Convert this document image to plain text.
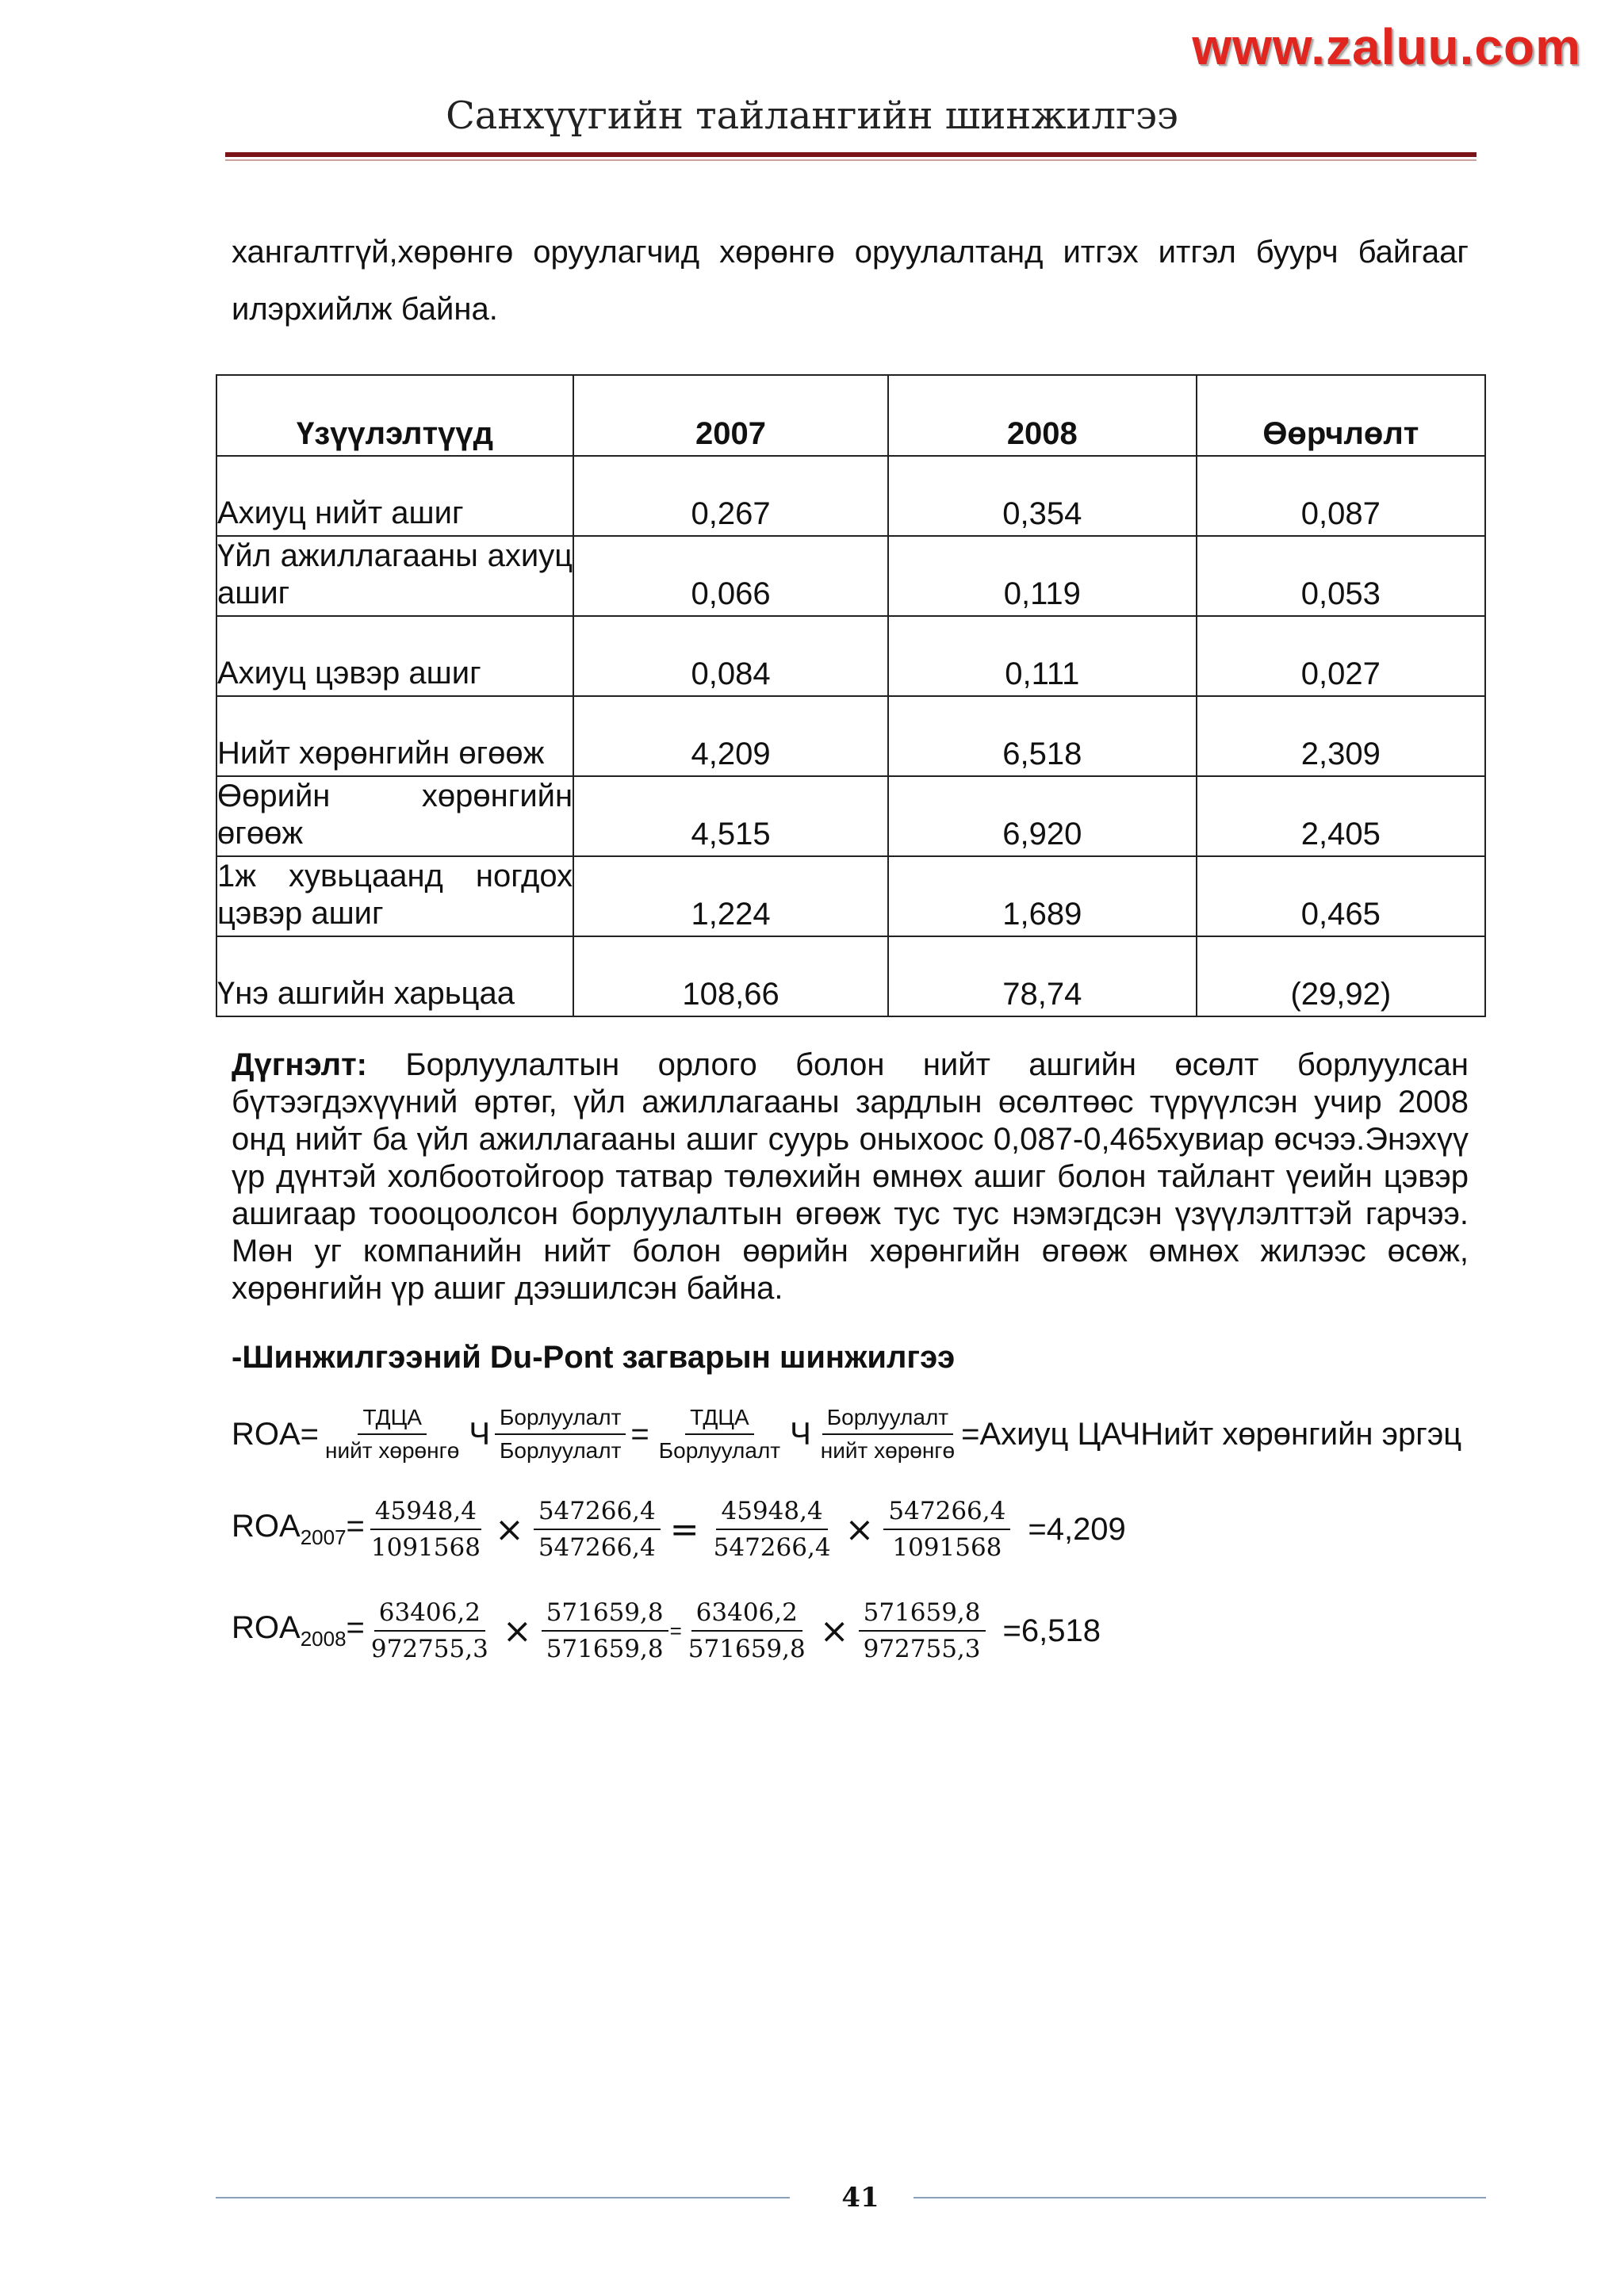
www.zaluu.com
Санхүүгийн тайлангийн шинжилгээ
хангалтгүй,хөрөнгө оруулагчид хөрөнгө оруулалтанд итгэх итгэл буурч байгааг
илэрхийлж байна.
Үзүүлэлтүүд	2007	2008	Өөрчлөлт
Ахиуц нийт ашиг	0,267	0,354	0,087
Үйл ажиллагааны ахиуц ашиг	0,066	0,119	0,053
Ахиуц цэвэр ашиг	0,084	0,111	0,027
Нийт хөрөнгийн өгөөж	4,209	6,518	2,309
Өөрийн хөрөнгийн өгөөж	4,515	6,920	2,405
1ж хувьцаанд ногдох цэвэр ашиг	1,224	1,689	0,465
Үнэ ашгийн харьцаа	108,66	78,74	(29,92)
Дүгнэлт: Борлуулалтын орлого болон нийт ашгийн өсөлт борлуулсан бүтээгдэхүүний өртөг, үйл ажиллагааны зардлын өсөлтөөс түрүүлсэн учир 2008 онд нийт ба үйл ажиллагааны ашиг суурь оныхоос 0,087-0,465хувиар өсчээ.Энэхүү үр дүнтэй холбоотойгоор татвар төлөхийн өмнөх ашиг болон тайлант үеийн цэвэр ашигаар тоооцоолсон борлуулалтын өгөөж тус тус нэмэгдсэн үзүүлэлттэй гарчээ. Мөн уг компанийн нийт болон өөрийн хөрөнгийн өгөөж өмнөх жилээс өсөж, хөрөнгийн үр ашиг дээшилсэн байна.
-Шинжилгээний Du-Pont загварын шинжилгээ
$ROA= \frac{\text{ТДЦА}}{\text{нийт хөрөнгө}}$ Ч $\frac{\text{Борлуулалт}}{\text{Борлуулалт}} = \frac{\text{ТДЦА}}{\text{Борлуулалт}}$ Ч $\frac{\text{Борлуулалт}}{\text{нийт хөрөнгө}}$ =Ахиуц ЦАЧНийт хөрөнгийн эргэц
$ROA_{2007}= \frac{45948,4}{1091568} \times \frac{547266,4}{547266,4} = \frac{45948,4}{547266,4} \times \frac{547266,4}{1091568} =4,209$
$ROA_{2008}= \frac{63406,2}{972755,3} \times \frac{571659,8}{571659,8} = \frac{63406,2}{571659,8} \times \frac{571659,8}{972755,3} =6,518$
41
